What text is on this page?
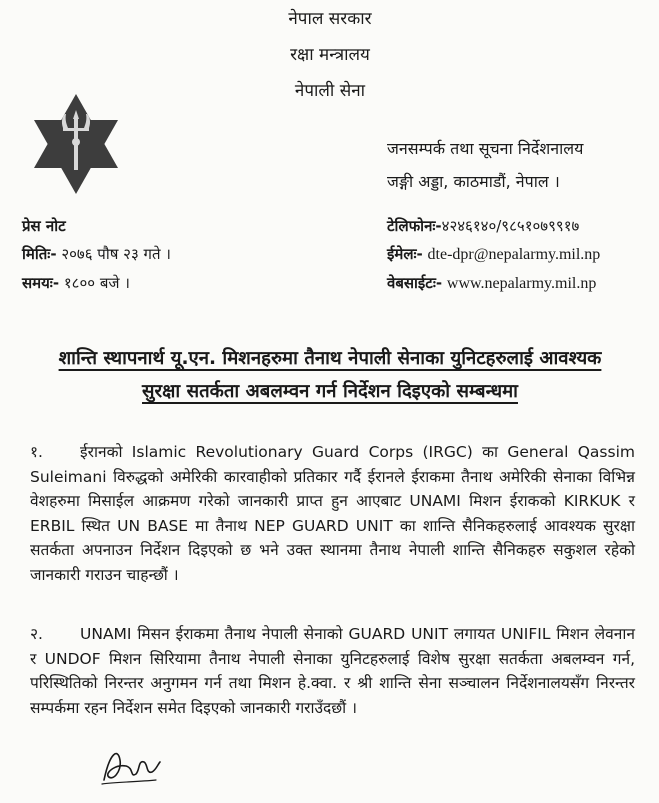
नेपाल सरकार
रक्षा मन्त्रालय
नेपाली सेना
जनसम्पर्क तथा सूचना निर्देशनालय
जङ्गी अड्डा, काठमाडौं, नेपाल ।
प्रेस नोट
मितिः- २०७६ पौष २३ गते ।
समयः- १८०० बजे ।
टेलिफोनः-४२४६१४०/९८५१०७९९१७
ईमेलः- dte-dpr@nepalarmy.mil.np
वेबसाईटः- www.nepalarmy.mil.np
शान्ति स्थापनार्थ यू.एन. मिशनहरुमा तैनाथ नेपाली सेनाका युनिटहरुलाई आवश्यक
सुरक्षा सतर्कता अबलम्वन गर्न निर्देशन दिइएको सम्बन्धमा
१. ईरानको Islamic Revolutionary Guard Corps (IRGC) का General Qassim Suleimani विरुद्धको अमेरिकी कारवाहीको प्रतिकार गर्दै ईरानले ईराकमा तैनाथ अमेरिकी सेनाका विभिन्न वेशहरुमा मिसाईल आक्रमण गरेको जानकारी प्राप्त हुन आएबाट UNAMI मिशन ईराकको KIRKUK र ERBIL स्थित UN BASE मा तैनाथ NEP GUARD UNIT का शान्ति सैनिकहरुलाई आवश्यक सुरक्षा सतर्कता अपनाउन निर्देशन दिइएको छ भने उक्त स्थानमा तैनाथ नेपाली शान्ति सैनिकहरु सकुशल रहेको जानकारी गराउन चाहन्छौं ।
२. UNAMI मिसन ईराकमा तैनाथ नेपाली सेनाको GUARD UNIT लगायत UNIFIL मिशन लेवनान र UNDOF मिशन सिरियामा तैनाथ नेपाली सेनाका युनिटहरुलाई विशेष सुरक्षा सतर्कता अबलम्वन गर्न, परिस्थितिको निरन्तर अनुगमन गर्न तथा मिशन हे.क्वा. र श्री शान्ति सेना सञ्चालन निर्देशनालयसँग निरन्तर सम्पर्कमा रहन निर्देशन समेत दिइएको जानकारी गराउँदछौं ।
